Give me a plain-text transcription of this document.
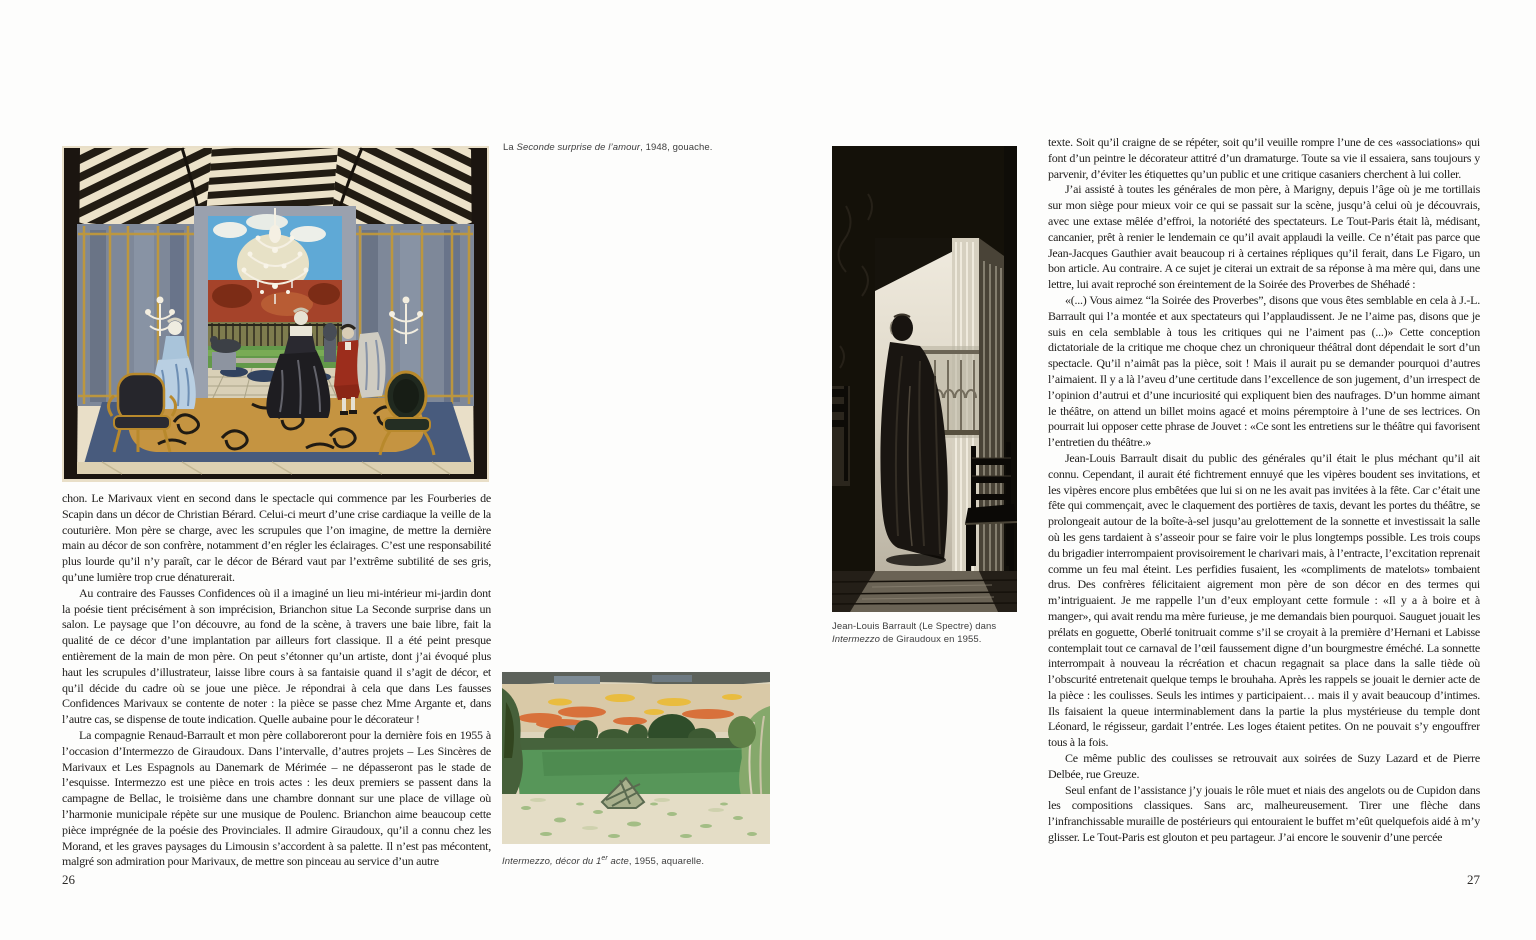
La Seconde surprise de l’amour, 1948, gouache.

chon. Le Marivaux vient en second dans le spectacle qui commence par les Fourberies de Scapin dans un décor de Christian Bérard. Celui-ci meurt d’une crise cardiaque la veille de la couturière. Mon père se charge, avec les scrupules que l’on imagine, de mettre la dernière main au décor de son confrère, notamment d’en régler les éclairages. C’est une responsabilité plus lourde qu’il n’y paraît, car le décor de Bérard vaut par l’extrême subtilité de ses gris, qu’une lumière trop crue dénaturerait.

Au contraire des Fausses Confidences où il a imaginé un lieu mi-intérieur mi-jardin dont la poésie tient précisément à son imprécision, Brianchon situe La Seconde surprise dans un salon. Le paysage que l’on découvre, au fond de la scène, à travers une baie libre, fait la qualité de ce décor d’une implantation par ailleurs fort classique. Il a été peint presque entièrement de la main de mon père. On peut s’étonner qu’un artiste, dont j’ai évoqué plus haut les scrupules d’illustrateur, laisse libre cours à sa fantaisie quand il s’agit de décor, et qu’il décide du cadre où se joue une pièce. Je répondrai à cela que dans Les fausses Confidences Marivaux se contente de noter : la pièce se passe chez Mme Argante et, dans l’autre cas, se dispense de toute indication. Quelle aubaine pour le décorateur !

La compagnie Renaud-Barrault et mon père collaboreront pour la dernière fois en 1955 à l’occasion d’Intermezzo de Giraudoux. Dans l’intervalle, d’autres projets – Les Sincères de Marivaux et Les Espagnols au Danemark de Mérimée – ne dépasseront pas le stade de l’esquisse. Intermezzo est une pièce en trois actes : les deux premiers se passent dans la campagne de Bellac, le troisième dans une chambre donnant sur une place de village où l’harmonie municipale répète sur une musique de Poulenc. Brianchon aime beaucoup cette pièce imprégnée de la poésie des Provinciales. Il admire Giraudoux, qu’il a connu chez les Morand, et les graves paysages du Limousin s’accordent à sa palette. Il n’est pas mécontent, malgré son admiration pour Marivaux, de mettre son pinceau au service d’un autre

26
Intermezzo, décor du 1er acte, 1955, aquarelle.
Jean-Louis Barrault (Le Spectre) dans Intermezzo de Giraudoux en 1955.

texte. Soit qu’il craigne de se répéter, soit qu’il veuille rompre l’une de ces «associations» qui font d’un peintre le décorateur attitré d’un dramaturge. Toute sa vie il essaiera, sans toujours y parvenir, d’éviter les étiquettes qu’un public et une critique casaniers cherchent à lui coller.

J’ai assisté à toutes les générales de mon père, à Marigny, depuis l’âge où je me tortillais sur mon siège pour mieux voir ce qui se passait sur la scène, jusqu’à celui où je découvrais, avec une extase mêlée d’effroi, la notoriété des spectateurs. Le Tout-Paris était là, médisant, cancanier, prêt à renier le lendemain ce qu’il avait applaudi la veille. Ce n’était pas parce que Jean-Jacques Gauthier avait beaucoup ri à certaines répliques qu’il ferait, dans Le Figaro, un bon article. Au contraire. A ce sujet je citerai un extrait de sa réponse à ma mère qui, dans une lettre, lui avait reproché son éreintement de la Soirée des Proverbes de Shéhadé :

«(...) Vous aimez “la Soirée des Proverbes”, disons que vous êtes semblable en cela à J.-L. Barrault qui l’a montée et aux spectateurs qui l’applaudissent. Je ne l’aime pas, disons que je suis en cela semblable à tous les critiques qui ne l’aiment pas (...)» Cette conception dictatoriale de la critique me choque chez un chroniqueur théâtral dont dépendait le sort d’un spectacle. Qu’il n’aimât pas la pièce, soit ! Mais il aurait pu se demander pourquoi d’autres l’aimaient. Il y a là l’aveu d’une certitude dans l’excellence de son jugement, d’un irrespect de l’opinion d’autrui et d’une incuriosité qui expliquent bien des naufrages. D’un homme aimant le théâtre, on attend un billet moins agacé et moins péremptoire à l’une de ses lectrices. On pourrait lui opposer cette phrase de Jouvet : «Ce sont les entretiens sur le théâtre qui favorisent l’entretien du théâtre.»

Jean-Louis Barrault disait du public des générales qu’il était le plus méchant qu’il ait connu. Cependant, il aurait été fichtrement ennuyé que les vipères boudent ses invitations, et les vipères encore plus embêtées que lui si on ne les avait pas invitées à la fête. Car c’était une fête qui commençait, avec le claquement des portières de taxis, devant les portes du théâtre, se prolongeait autour de la boîte-à-sel jusqu’au grelottement de la sonnette et investissait la salle où les gens tardaient à s’asseoir pour se faire voir le plus longtemps possible. Les trois coups du brigadier interrompaient provisoirement le charivari mais, à l’entracte, l’excitation reprenait comme un feu mal éteint. Les perfidies fusaient, les «compliments de matelots» tombaient drus. Des confrères félicitaient aigrement mon père de son décor en des termes qui m’intriguaient. Je me rappelle l’un d’eux employant cette formule : «Il y a à boire et à manger», qui avait rendu ma mère furieuse, je me demandais bien pourquoi. Sauguet jouait les prélats en goguette, Oberlé tonitruait comme s’il se croyait à la première d’Hernani et Labisse contemplait tout ce carnaval de l’œil faussement digne d’un bourgmestre éméché. La sonnette interrompait à nouveau la récréation et chacun regagnait sa place dans la salle tiède où l’obscurité entretenait quelque temps le brouhaha. Après les rappels se jouait le dernier acte de la pièce : les coulisses. Seuls les intimes y participaient… mais il y avait beaucoup d’intimes. Ils faisaient la queue interminablement dans la partie la plus mystérieuse du temple dont Léonard, le régisseur, gardait l’entrée. Les loges étaient petites. On ne pouvait s’y engouffrer tous à la fois.

Ce même public des coulisses se retrouvait aux soirées de Suzy Lazard et de Pierre Delbée, rue Greuze.

Seul enfant de l’assistance j’y jouais le rôle muet et niais des angelots ou de Cupidon dans les compositions classiques. Sans arc, malheureusement. Tirer une flèche dans l’infranchissable muraille de postérieurs qui entouraient le buffet m’eût quelquefois aidé à m’y glisser. Le Tout-Paris est glouton et peu partageur. J’ai encore le souvenir d’une percée

27
